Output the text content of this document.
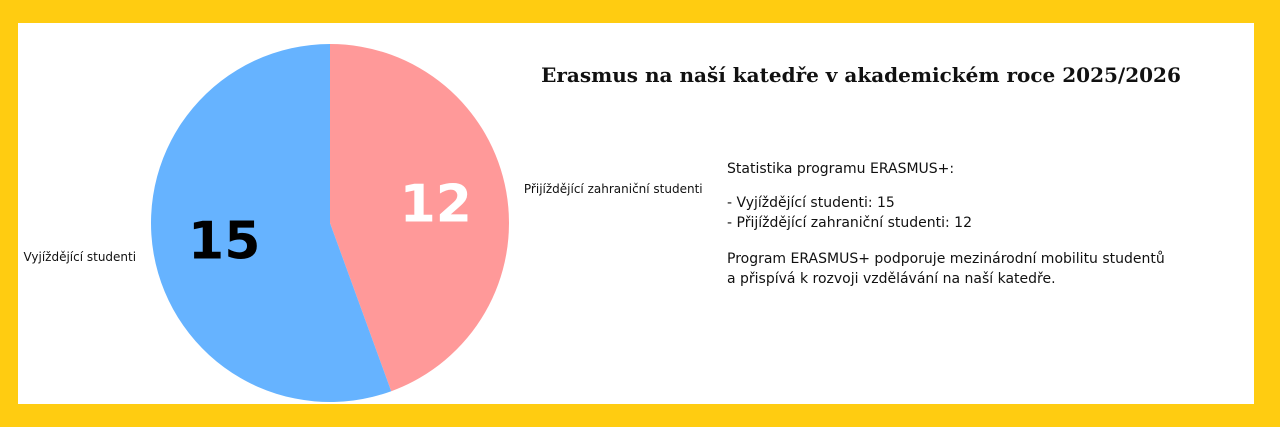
12	Přijíždějící zahraniční studenti
15
Vyjíždějící studenti
Erasmus na naší katedře v akademickém roce 2025/2026

Statistika programu ERASMUS+:

- Vyjíždějící studenti: 15

- Přijíždějící zahraniční studenti: 12

Program ERASMUS+ podporuje mezinárodní mobilitu studentů

a přispívá k rozvoji vzdělávání na naší katedře.
